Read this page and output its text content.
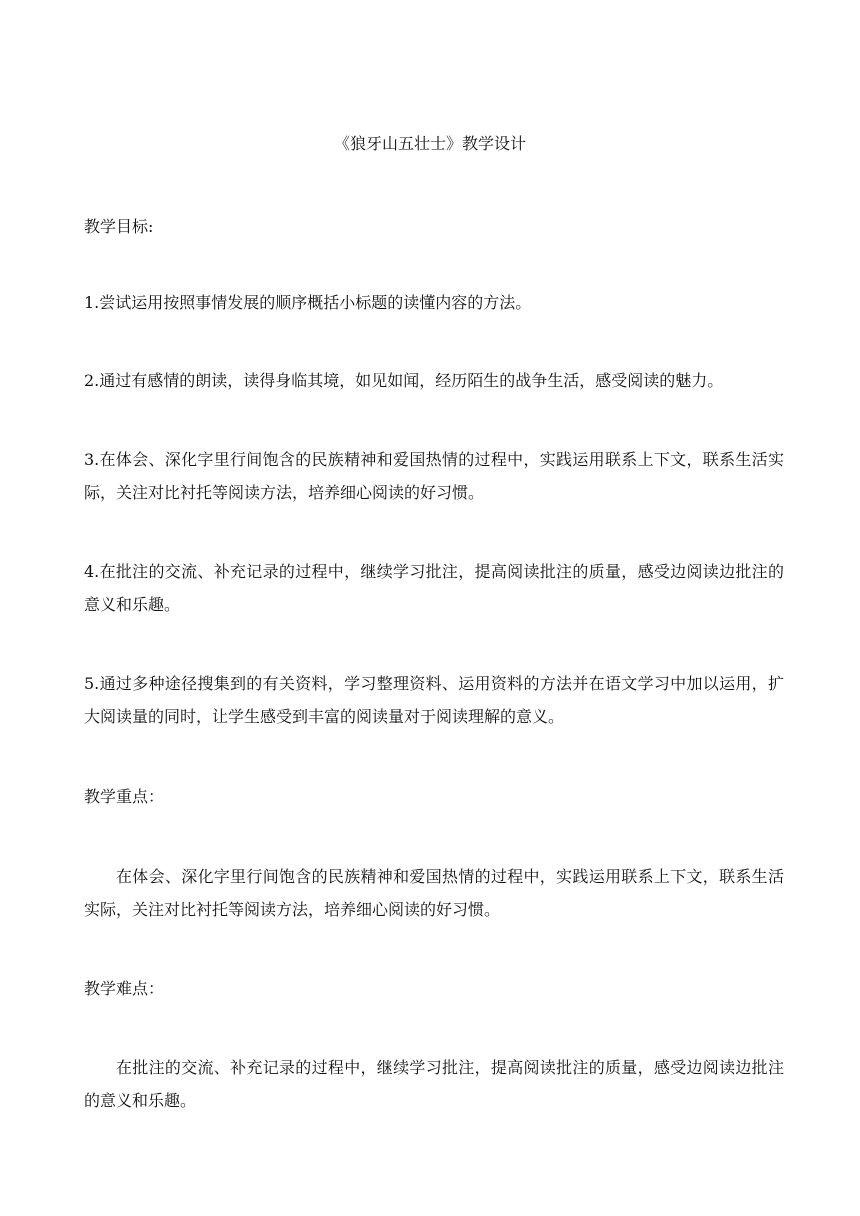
《狼牙山五壮士》教学设计

教学目标:

1.尝试运用按照事情发展的顺序概括小标题的读懂内容的方法。

2.通过有感情的朗读，读得身临其境，如见如闻，经历陌生的战争生活，感受阅读的魅力。

3.在体会、深化字里行间饱含的民族精神和爱国热情的过程中，实践运用联系上下文，联系生活实际，关注对比衬托等阅读方法，培养细心阅读的好习惯。

4.在批注的交流、补充记录的过程中，继续学习批注，提高阅读批注的质量，感受边阅读边批注的意义和乐趣。

5.通过多种途径搜集到的有关资料，学习整理资料、运用资料的方法并在语文学习中加以运用，扩大阅读量的同时，让学生感受到丰富的阅读量对于阅读理解的意义。

教学重点：

在体会、深化字里行间饱含的民族精神和爱国热情的过程中，实践运用联系上下文，联系生活实际，关注对比衬托等阅读方法，培养细心阅读的好习惯。

教学难点：

在批注的交流、补充记录的过程中，继续学习批注，提高阅读批注的质量，感受边阅读边批注的意义和乐趣。
